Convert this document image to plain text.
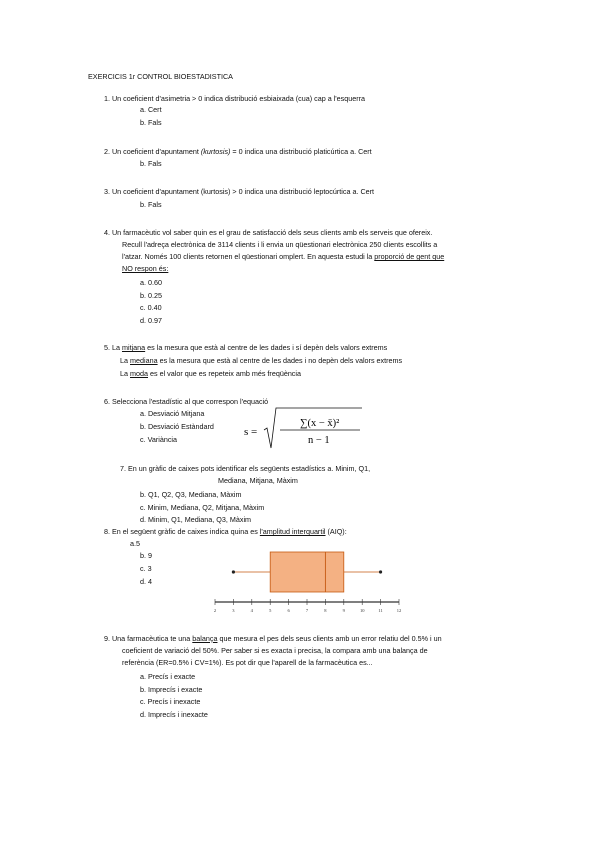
EXERCICIS 1r CONTROL BIOESTADISTICA
1. Un coeficient d'asimetria > 0 indica distribució esbiaixada (cua) cap a l'esquerra
a. Cert
b. Fals
2. Un coeficient d'apuntament (kurtosis) = 0 indica una distribució platicúrtica a. Cert
b. Fals
3. Un coeficient d'apuntament (kurtosis) > 0 indica una distribució leptocúrtica a. Cert
b. Fals
4. Un farmacèutic vol saber quin es el grau de satisfacció dels seus clients amb els serveis que ofereix.
Recull l'adreça electrònica de 3114 clients i li envia un qüestionari electrònica 250 clients escollits a
l'atzar. Només 100 clients retornen el qüestionari omplert. En aquesta estudi la proporció de gent que
NO respon és:
a. 0.60
b. 0.25
c. 0.40
d. 0.97
5. La mitjana es la mesura que està al centre de les dades i sí depèn dels valors extrems
La mediana es la mesura que està al centre de les dades i no depèn dels valors extrems
La moda es el valor que es repeteix amb més freqüència
6. Selecciona l'estadístic al que correspon l'equació
a. Desviació Mitjana
b. Desviació Estàndard
c. Variància
s =
∑(x − x̄)²
n − 1
7. En un gràfic de caixes pots identificar els següents estadístics a. Minim, Q1,
Mediana, Mitjana, Màxim
b. Q1, Q2, Q3, Mediana, Màxim
c. Minim, Mediana, Q2, Mitjana, Màxim
d. Minim, Q1, Mediana, Q3, Màxim
8. En el següent gràfic de caixes indica quina es l'amplitud interquartil (AIQ):
a.5
b. 9
c. 3
d. 4
2	3	4	5	6	7	8	9	10	11	12
9. Una farmacèutica te una balança que mesura el pes dels seus clients amb un error relatiu del 0.5% i un
coeficient de variació del 50%. Per saber si es exacta i precisa, la compara amb una balança de
referència (ER=0.5% i CV=1%). Es pot dir que l'aparell de la farmacèutica es...
a. Precís i exacte
b. Imprecís i exacte
c. Precís i inexacte
d. Imprecís i inexacte
